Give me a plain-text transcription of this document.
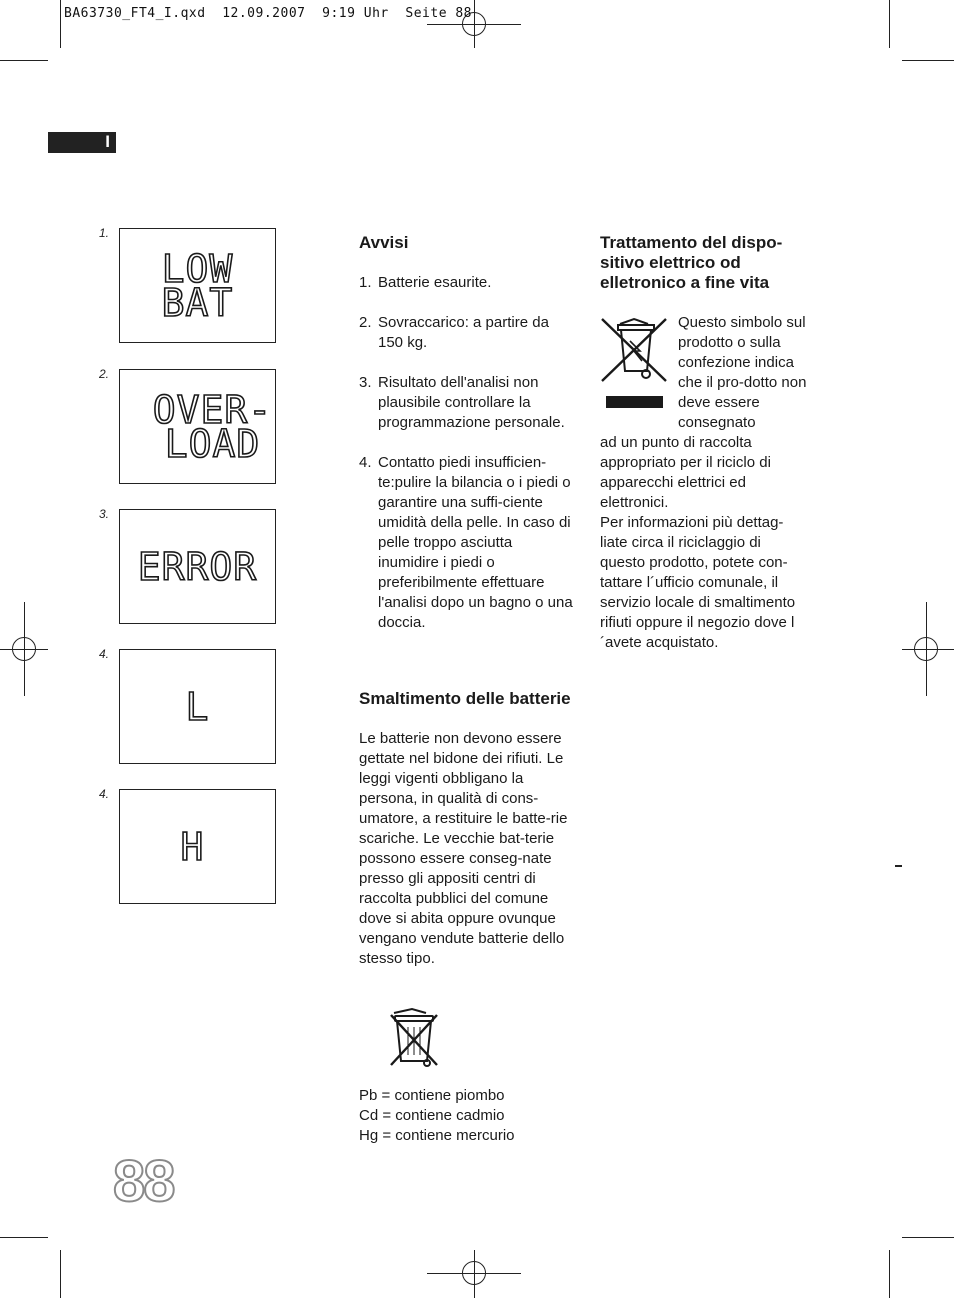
BA63730_FT4_I.qxd  12.09.2007  9:19 Uhr  Seite 88
I
1.
LOW
BAT
2.
OVER-
LOAD
3.
ERROR
4.
L
4.
H
Avvisi
1. Batterie esaurite.
2. Sovraccarico: a partire da 150 kg.
3. Risultato dell'analisi non plausibile controllare la programmazione personale.
4. Contatto piedi insufficien-te:pulire la bilancia o i piedi o garantire una suffi-ciente umidità della pelle. In caso di pelle troppo asciutta inumidire i piedi o preferibilmente effettuare l'analisi dopo un bagno o una doccia.
Smaltimento delle batterie

Le batterie non devono essere gettate nel bidone dei rifiuti. Le leggi vigenti obbligano la persona, in qualità di cons-umatore, a restituire le batte-rie scariche. Le vecchie bat-terie possono essere conseg-nate presso gli appositi centri di raccolta pubblici del comune dove si abita oppure ovunque vengano vendute batterie dello stesso tipo.

Pb = contiene piombo

Cd = contiene cadmio

Hg = contiene mercurio

Trattamento del dispo-sitivo elettrico od elletronico a fine vita

Questo simbolo sul prodotto o sulla confezione indica che il pro-dotto non deve essere consegnato

ad un punto di raccolta appropriato per il riciclo di apparecchi elettrici ed elettronici.

Per informazioni più dettag-liate circa il riciclaggio di questo prodotto, potete con-tattare l´ufficio comunale, il servizio locale di smaltimento rifiuti oppure il negozio dove l´avete acquistato.

88
